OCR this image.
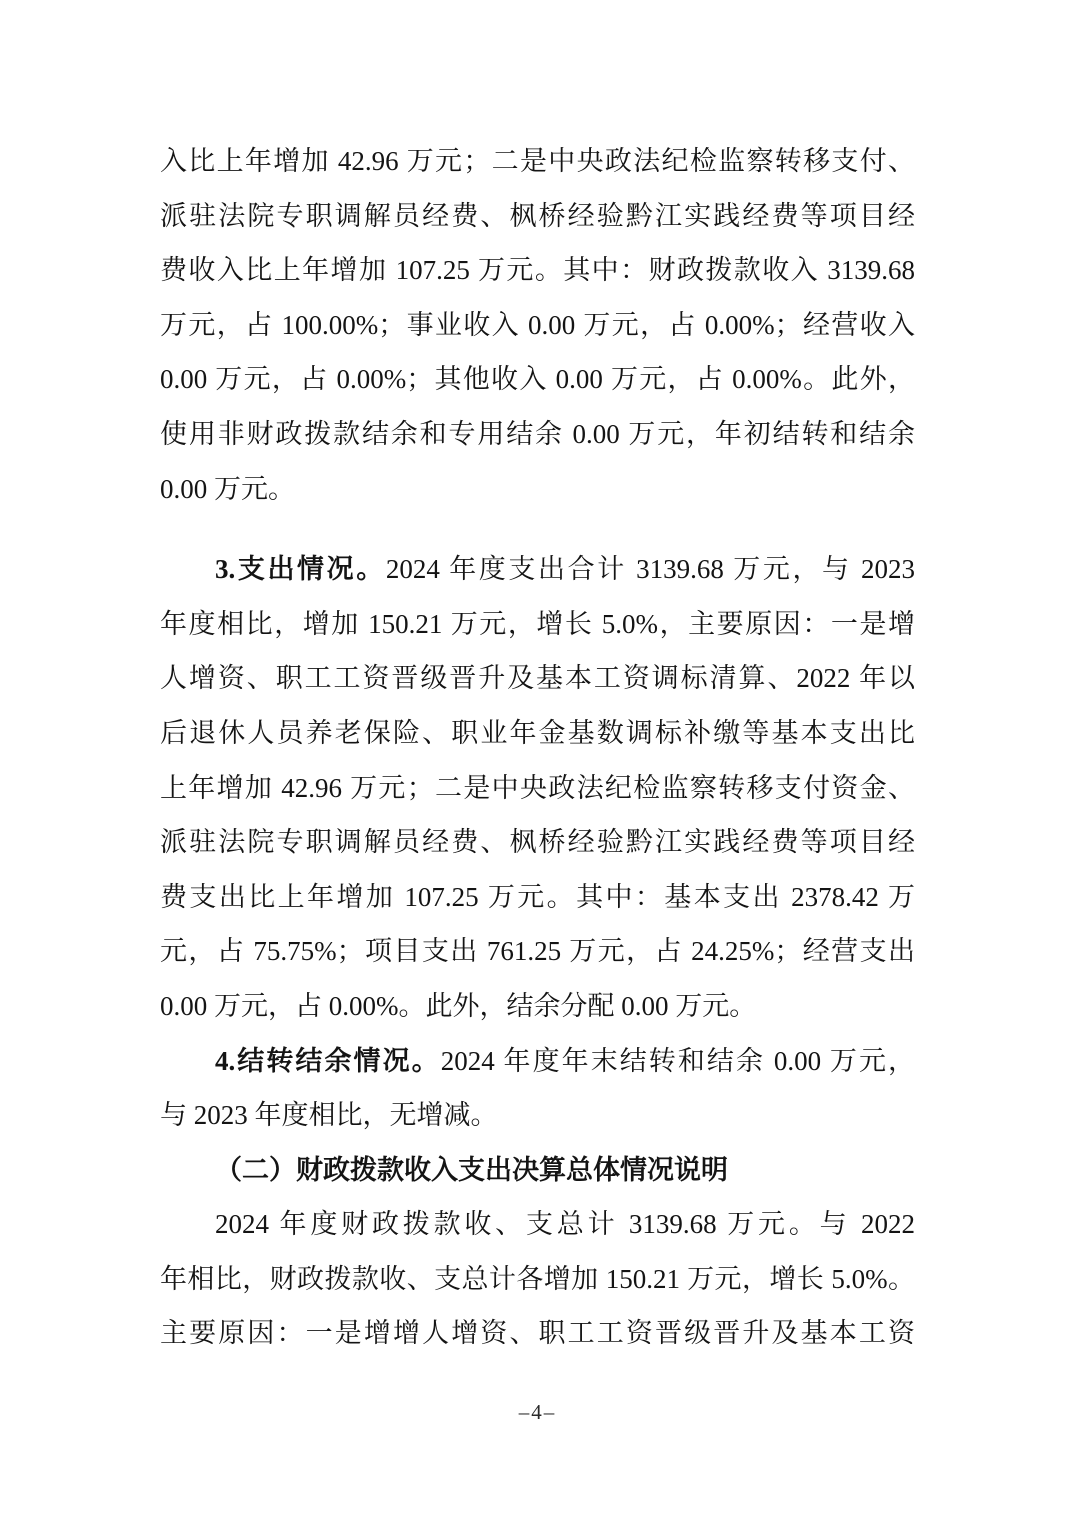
入比上年增加 42.96 万元；二是中央政法纪检监察转移支付、
派驻法院专职调解员经费、枫桥经验黔江实践经费等项目经
费收入比上年增加 107.25 万元。其中：财政拨款收入 3139.68
万元，占 100.00%；事业收入 0.00 万元，占 0.00%；经营收入
0.00 万元，占 0.00%；其他收入 0.00 万元，占 0.00%。此外，
使用非财政拨款结余和专用结余 0.00 万元，年初结转和结余
0.00 万元。
3.支出情况。2024 年度支出合计 3139.68 万元，与 2023
年度相比，增加 150.21 万元，增长 5.0%，主要原因：一是增
人增资、职工工资晋级晋升及基本工资调标清算、2022 年以
后退休人员养老保险、职业年金基数调标补缴等基本支出比
上年增加 42.96 万元；二是中央政法纪检监察转移支付资金、
派驻法院专职调解员经费、枫桥经验黔江实践经费等项目经
费支出比上年增加 107.25 万元。其中：基本支出 2378.42 万
元，占 75.75%；项目支出 761.25 万元，占 24.25%；经营支出
0.00 万元，占 0.00%。此外，结余分配 0.00 万元。
4.结转结余情况。2024 年度年末结转和结余 0.00 万元，
与 2023 年度相比，无增减。
（二）财政拨款收入支出决算总体情况说明
2024 年度财政拨款收、支总计 3139.68 万元。与 2022
年相比，财政拨款收、支总计各增加 150.21 万元，增长 5.0%。
主要原因：一是增增人增资、职工工资晋级晋升及基本工资
–4–
